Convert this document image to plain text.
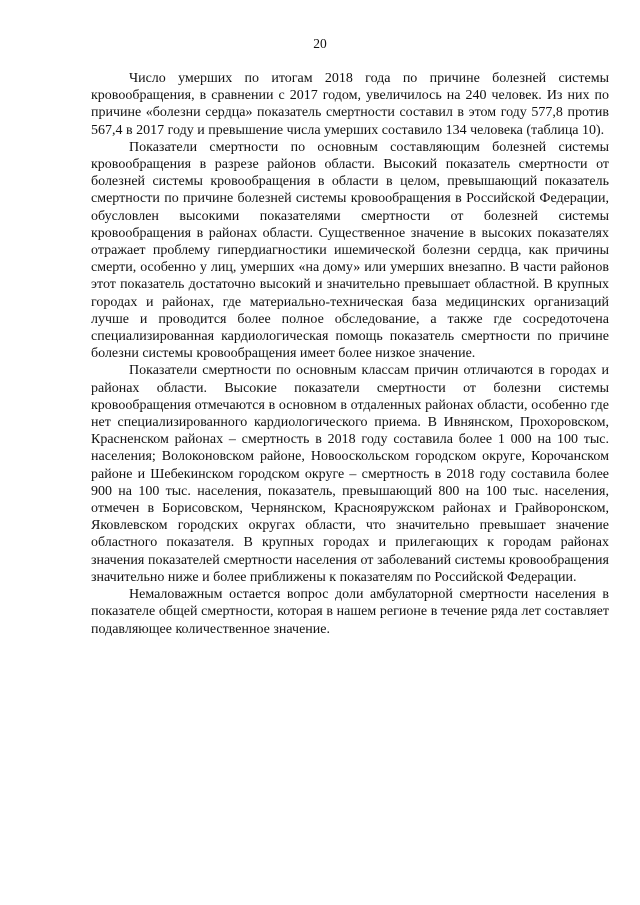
20

Число умерших по итогам 2018 года по причине болезней системы кровообращения, в сравнении с 2017 годом, увеличилось на 240 человек. Из них по причине «болезни сердца» показатель смертности составил в этом году 577,8 против 567,4 в 2017 году и превышение числа умерших составило 134 человека (таблица 10).

Показатели смертности по основным составляющим болезней системы кровообращения в разрезе районов области. Высокий показатель смертности от болезней системы кровообращения в области в целом, превышающий показатель смертности по причине болезней системы кровообращения в Российской Федерации, обусловлен высокими показателями смертности от болезней системы кровообращения в районах области. Существенное значение в высоких показателях отражает проблему гипердиагностики ишемической болезни сердца, как причины смерти, особенно у лиц, умерших «на дому» или умерших внезапно. В части районов этот показатель достаточно высокий и значительно превышает областной. В крупных городах и районах, где материально-техническая база медицинских организаций лучше и проводится более полное обследование, а также где сосредоточена специализированная кардиологическая помощь показатель смертности по причине болезни системы кровообращения имеет более низкое значение.

Показатели смертности по основным классам причин отличаются в городах и районах области. Высокие показатели смертности от болезни системы кровообращения отмечаются в основном в отдаленных районах области, особенно где нет специализированного кардиологического приема. В Ивнянском, Прохоровском, Красненском районах – смертность в 2018 году составила более 1 000 на 100 тыс. населения; Волоконовском районе, Новооскольском городском округе, Корочанском районе и Шебекинском городском округе – смертность в 2018 году составила более 900 на 100 тыс. населения, показатель, превышающий 800 на 100 тыс. населения, отмечен в Борисовском, Чернянском, Краснояружском районах и Грайворонском, Яковлевском городских округах области, что значительно превышает значение областного показателя. В крупных городах и прилегающих к городам районах значения показателей смертности населения от заболеваний системы кровообращения значительно ниже и более приближены к показателям по Российской Федерации.

Немаловажным остается вопрос доли амбулаторной смертности населения в показателе общей смертности, которая в нашем регионе в течение ряда лет составляет подавляющее количественное значение.
